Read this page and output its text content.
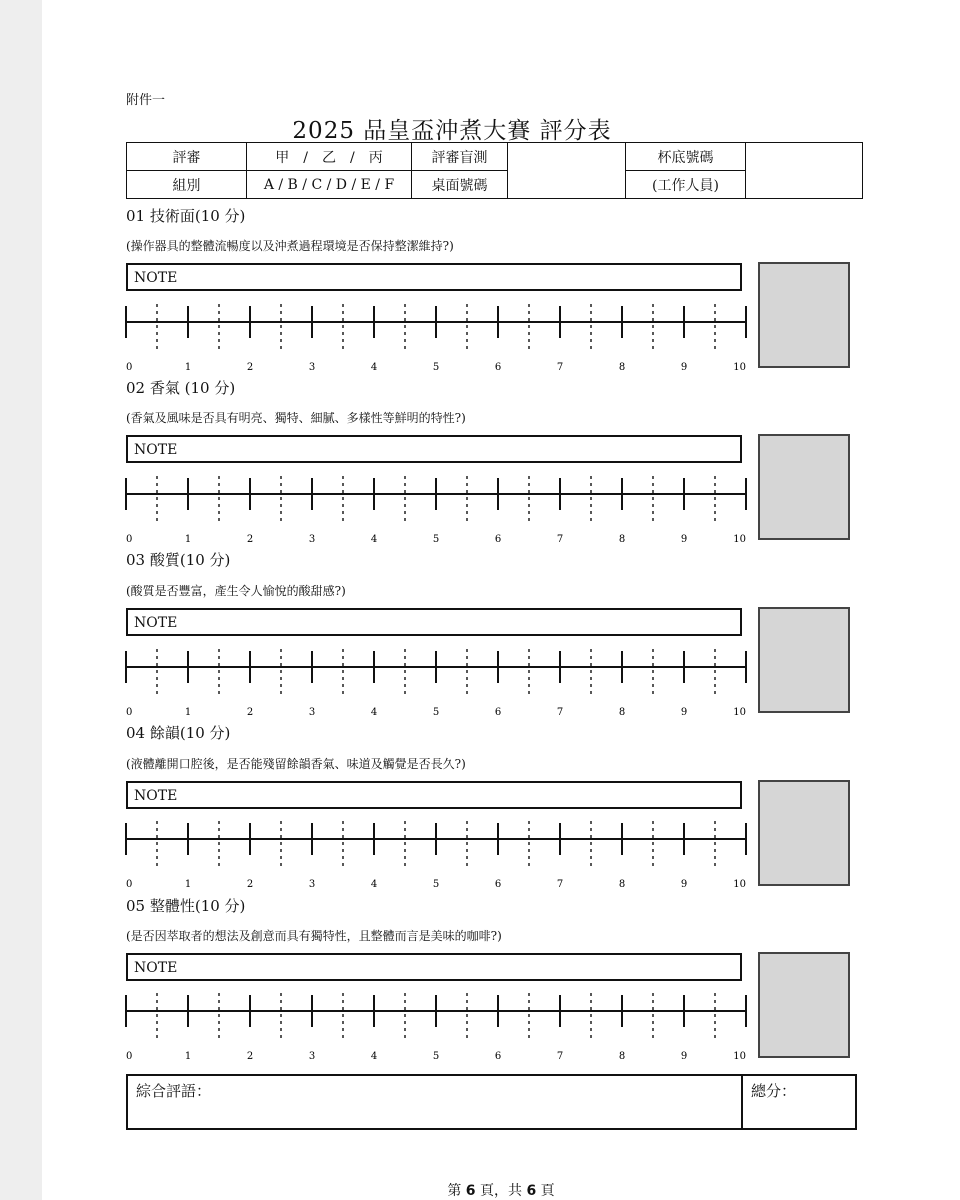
附件一
2025 品皇盃沖煮大賽 評分表
評審	甲　/　乙　/　丙	評審盲測		杯底號碼	
組別	A / B / C / D / E / F	桌面號碼		(工作人員)	
01 技術面(10 分)
(操作器具的整體流暢度以及沖煮過程環境是否保持整潔維持?)
NOTE
0	1	2	3	4	5	6	7	8	9	10
02 香氣 (10 分)
(香氣及風味是否具有明亮、獨特、細膩、多樣性等鮮明的特性?)
NOTE
0	1	2	3	4	5	6	7	8	9	10
03 酸質(10 分)
(酸質是否豐富，產生令人愉悅的酸甜感?)
NOTE
0	1	2	3	4	5	6	7	8	9	10
04 餘韻(10 分)
(液體離開口腔後，是否能殘留餘韻香氣、味道及觸覺是否長久?)
NOTE
0	1	2	3	4	5	6	7	8	9	10
05 整體性(10 分)
(是否因萃取者的想法及創意而具有獨特性，且整體而言是美味的咖啡?)
NOTE
0	1	2	3	4	5	6	7	8	9	10
綜合評語：	總分：
第 6 頁，共 6 頁
